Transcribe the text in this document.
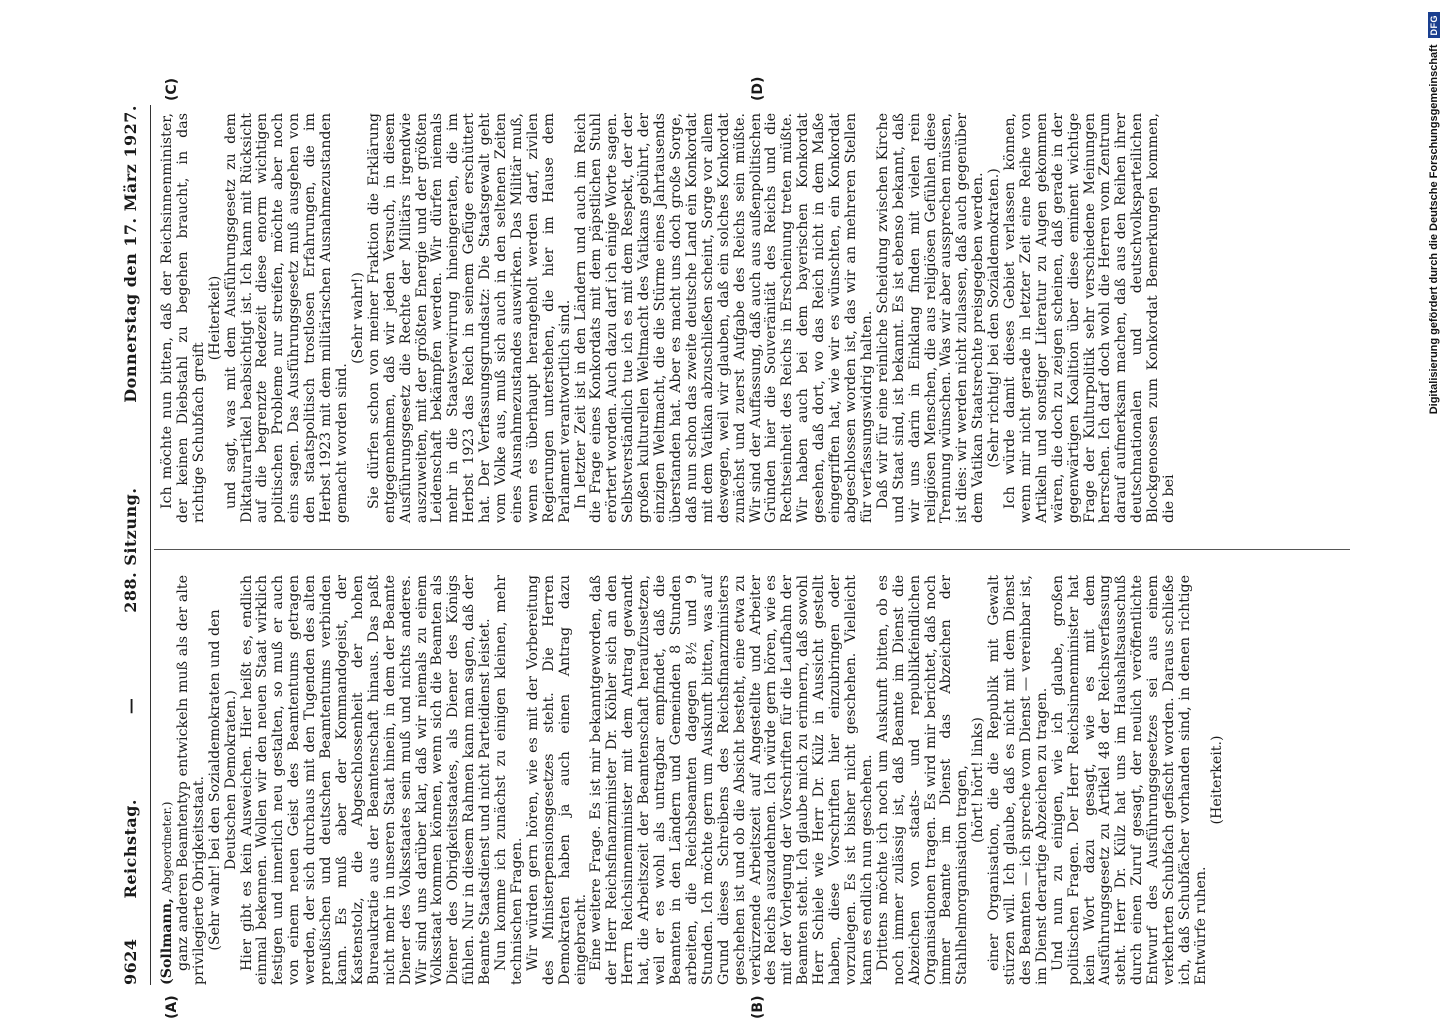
9624
Reichstag.
—
288. Sitzung.
Donnerstag den 17. März 1927.
(A)	(B)
(C)	(D)

(Sollmann, Abgeordneter.) ganz anderen Beamtentyp entwickeln muß als der alte privilegierte Obrigkeitsstaat. (Sehr wahr! bei den Sozialdemokraten und den Deutschen Demokraten.) Hier gibt es kein Ausweichen. Hier heißt es, endlich einmal bekennen. Wollen wir den neuen Staat wirklich festigen und innerlich neu gestalten, so muß er auch von einem neuen Geist des Beamtentums getragen werden, der sich durchaus mit den Tugenden des alten preußischen und deutschen Beamtentums verbinden kann. Es muß aber der Kommandogeist, der Kastenstolz, die Abgeschlossenheit der hohen Bureaukratie aus der Beamtenschaft hinaus. Das paßt nicht mehr in unseren Staat hinein, in dem der Beamte Diener des Volksstaates sein muß und nichts anderes. Wir sind uns darüber klar, daß wir niemals zu einem Volksstaat kommen können, wenn sich die Beamten als Diener des Obrigkeitsstaates, als Diener des Königs fühlen. Nur in diesem Rahmen kann man sagen, daß der Beamte Staatsdienst und nicht Parteidienst leistet. Nun komme ich zunächst zu einigen kleinen, mehr technischen Fragen. Wir würden gern hören, wie es mit der Vorbereitung des Ministerpensionsgesetzes steht. Die Herren Demokraten haben ja auch einen Antrag dazu eingebracht. Eine weitere Frage. Es ist mir bekanntgeworden, daß der Herr Reichsfinanzminister Dr. Köhler sich an den Herrn Reichsinnenminister mit dem Antrag gewandt hat, die Arbeitszeit der Beamtenschaft heraufzusetzen, weil er es wohl als untragbar empfindet, daß die Beamten in den Ländern und Gemeinden 8 Stunden arbeiten, die Reichsbeamten dagegen 8½ und 9 Stunden. Ich möchte gern um Auskunft bitten, was auf Grund dieses Schreibens des Reichsfinanzministers geschehen ist und ob die Absicht besteht, eine etwa zu verkürzende Arbeitszeit auf Angestellte und Arbeiter des Reichs auszudehnen. Ich würde gern hören, wie es mit der Vorlegung der Vorschriften für die Laufbahn der Beamten steht. Ich glaube mich zu erinnern, daß sowohl Herr Schiele wie Herr Dr. Külz in Aussicht gestellt haben, diese Vorschriften hier einzubringen oder vorzulegen. Es ist bisher nicht geschehen. Vielleicht kann es endlich nun geschehen. Drittens möchte ich noch um Auskunft bitten, ob es noch immer zulässig ist, daß Beamte im Dienst die Abzeichen von staats- und republikfeindlichen Organisationen tragen. Es wird mir berichtet, daß noch immer Beamte im Dienst das Abzeichen der Stahlhelmorganisation tragen, (hört! hört! links) einer Organisation, die die Republik mit Gewalt stürzen will. Ich glaube, daß es nicht mit dem Dienst des Beamten — ich spreche vom Dienst — vereinbar ist, im Dienst derartige Abzeichen zu tragen. Und nun zu einigen, wie ich glaube, großen politischen Fragen. Der Herr Reichsinnenminister hat kein Wort dazu gesagt, wie es mit dem Ausführungsgesetz zu Artikel 48 der Reichsverfassung steht. Herr Dr. Külz hat uns im Haushaltsausschuß durch einen Zuruf gesagt, der neulich veröffentlichte Entwurf des Ausführungsgesetzes sei aus einem verkehrten Schubfach gefischt worden. Daraus schließe ich, daß Schubfächer vorhanden sind, in denen richtige Entwürfe ruhen.

(Heiterkeit.)

Ich möchte nun bitten, daß der Reichsinnenminister, der keinen Diebstahl zu begehen braucht, in das richtige Schubfach greift

(Heiterkeit) und sagt, was mit dem Ausführungsgesetz zu dem Diktaturartikel beabsichtigt ist. Ich kann mit Rücksicht auf die begrenzte Redezeit diese enorm wichtigen politischen Probleme nur streifen, möchte aber noch eins sagen. Das Ausführungsgesetz muß ausgehen von den staatspolitisch trostlosen Erfahrungen, die im Herbst 1923 mit dem militärischen Ausnahmezustanden gemacht worden sind.

(Sehr wahr!) Sie dürfen schon von meiner Fraktion die Erklärung entgegennehmen, daß wir jeden Versuch, in diesem Ausführungsgesetz die Rechte der Militärs irgendwie auszuweiten, mit der größten Energie und der größten Leidenschaft bekämpfen werden. Wir dürfen niemals mehr in die Staatsverwirrung hineingeraten, die im Herbst 1923 das Reich in seinem Gefüge erschüttert hat. Der Verfassungsgrundsatz: Die Staatsgewalt geht vom Volke aus, muß sich auch in den seltenen Zeiten eines Ausnahmezustandes auswirken. Das Militär muß, wenn es überhaupt herangeholt werden darf, zivilen Regierungen unterstehen, die hier im Hause dem Parlament verantwortlich sind. In letzter Zeit ist in den Ländern und auch im Reich die Frage eines Konkordats mit dem päpstlichen Stuhl erörtert worden. Auch dazu darf ich einige Worte sagen. Selbstverständlich tue ich es mit dem Respekt, der der großen kulturellen Weltmacht des Vatikans gebührt, der einzigen Weltmacht, die die Stürme eines Jahrtausends überstanden hat. Aber es macht uns doch große Sorge, daß nun schon das zweite deutsche Land ein Konkordat mit dem Vatikan abzuschließen scheint, Sorge vor allem deswegen, weil wir glauben, daß ein solches Konkordat zunächst und zuerst Aufgabe des Reichs sein müßte. Wir sind der Auffassung, daß auch aus außenpolitischen Gründen hier die Souveränität des Reichs und die Rechtseinheit des Reichs in Erscheinung treten müßte. Wir haben auch bei dem bayerischen Konkordat gesehen, daß dort, wo das Reich nicht in dem Maße eingegriffen hat, wie wir es wünschten, ein Konkordat abgeschlossen worden ist, das wir an mehreren Stellen für verfassungswidrig halten. Daß wir für eine reinliche Scheidung zwischen Kirche und Staat sind, ist bekannt. Es ist ebenso bekannt, daß wir uns darin in Einklang finden mit vielen rein religiösen Menschen, die aus religiösen Gefühlen diese Trennung wünschen. Was wir aber aussprechen müssen, ist dies: wir werden nicht zulassen, daß auch gegenüber dem Vatikan Staatsrechte preisgegeben werden. (Sehr richtig! bei den Sozialdemokraten.) Ich würde damit dieses Gebiet verlassen können, wenn mir nicht gerade in letzter Zeit eine Reihe von Artikeln und sonstiger Literatur zu Augen gekommen wären, die doch zu zeigen scheinen, daß gerade in der gegenwärtigen Koalition über diese eminent wichtige Frage der Kulturpolitik sehr verschiedene Meinungen herrschen. Ich darf doch wohl die Herren vom Zentrum darauf aufmerksam machen, daß aus den Reihen ihrer deutschnationalen und deutschvolksparteilichen Blockgenossen zum Konkordat Bemerkungen kommen, die bei

Digitalisierung gefördert durch die Deutsche Forschungsgemeinschaft
DFG
